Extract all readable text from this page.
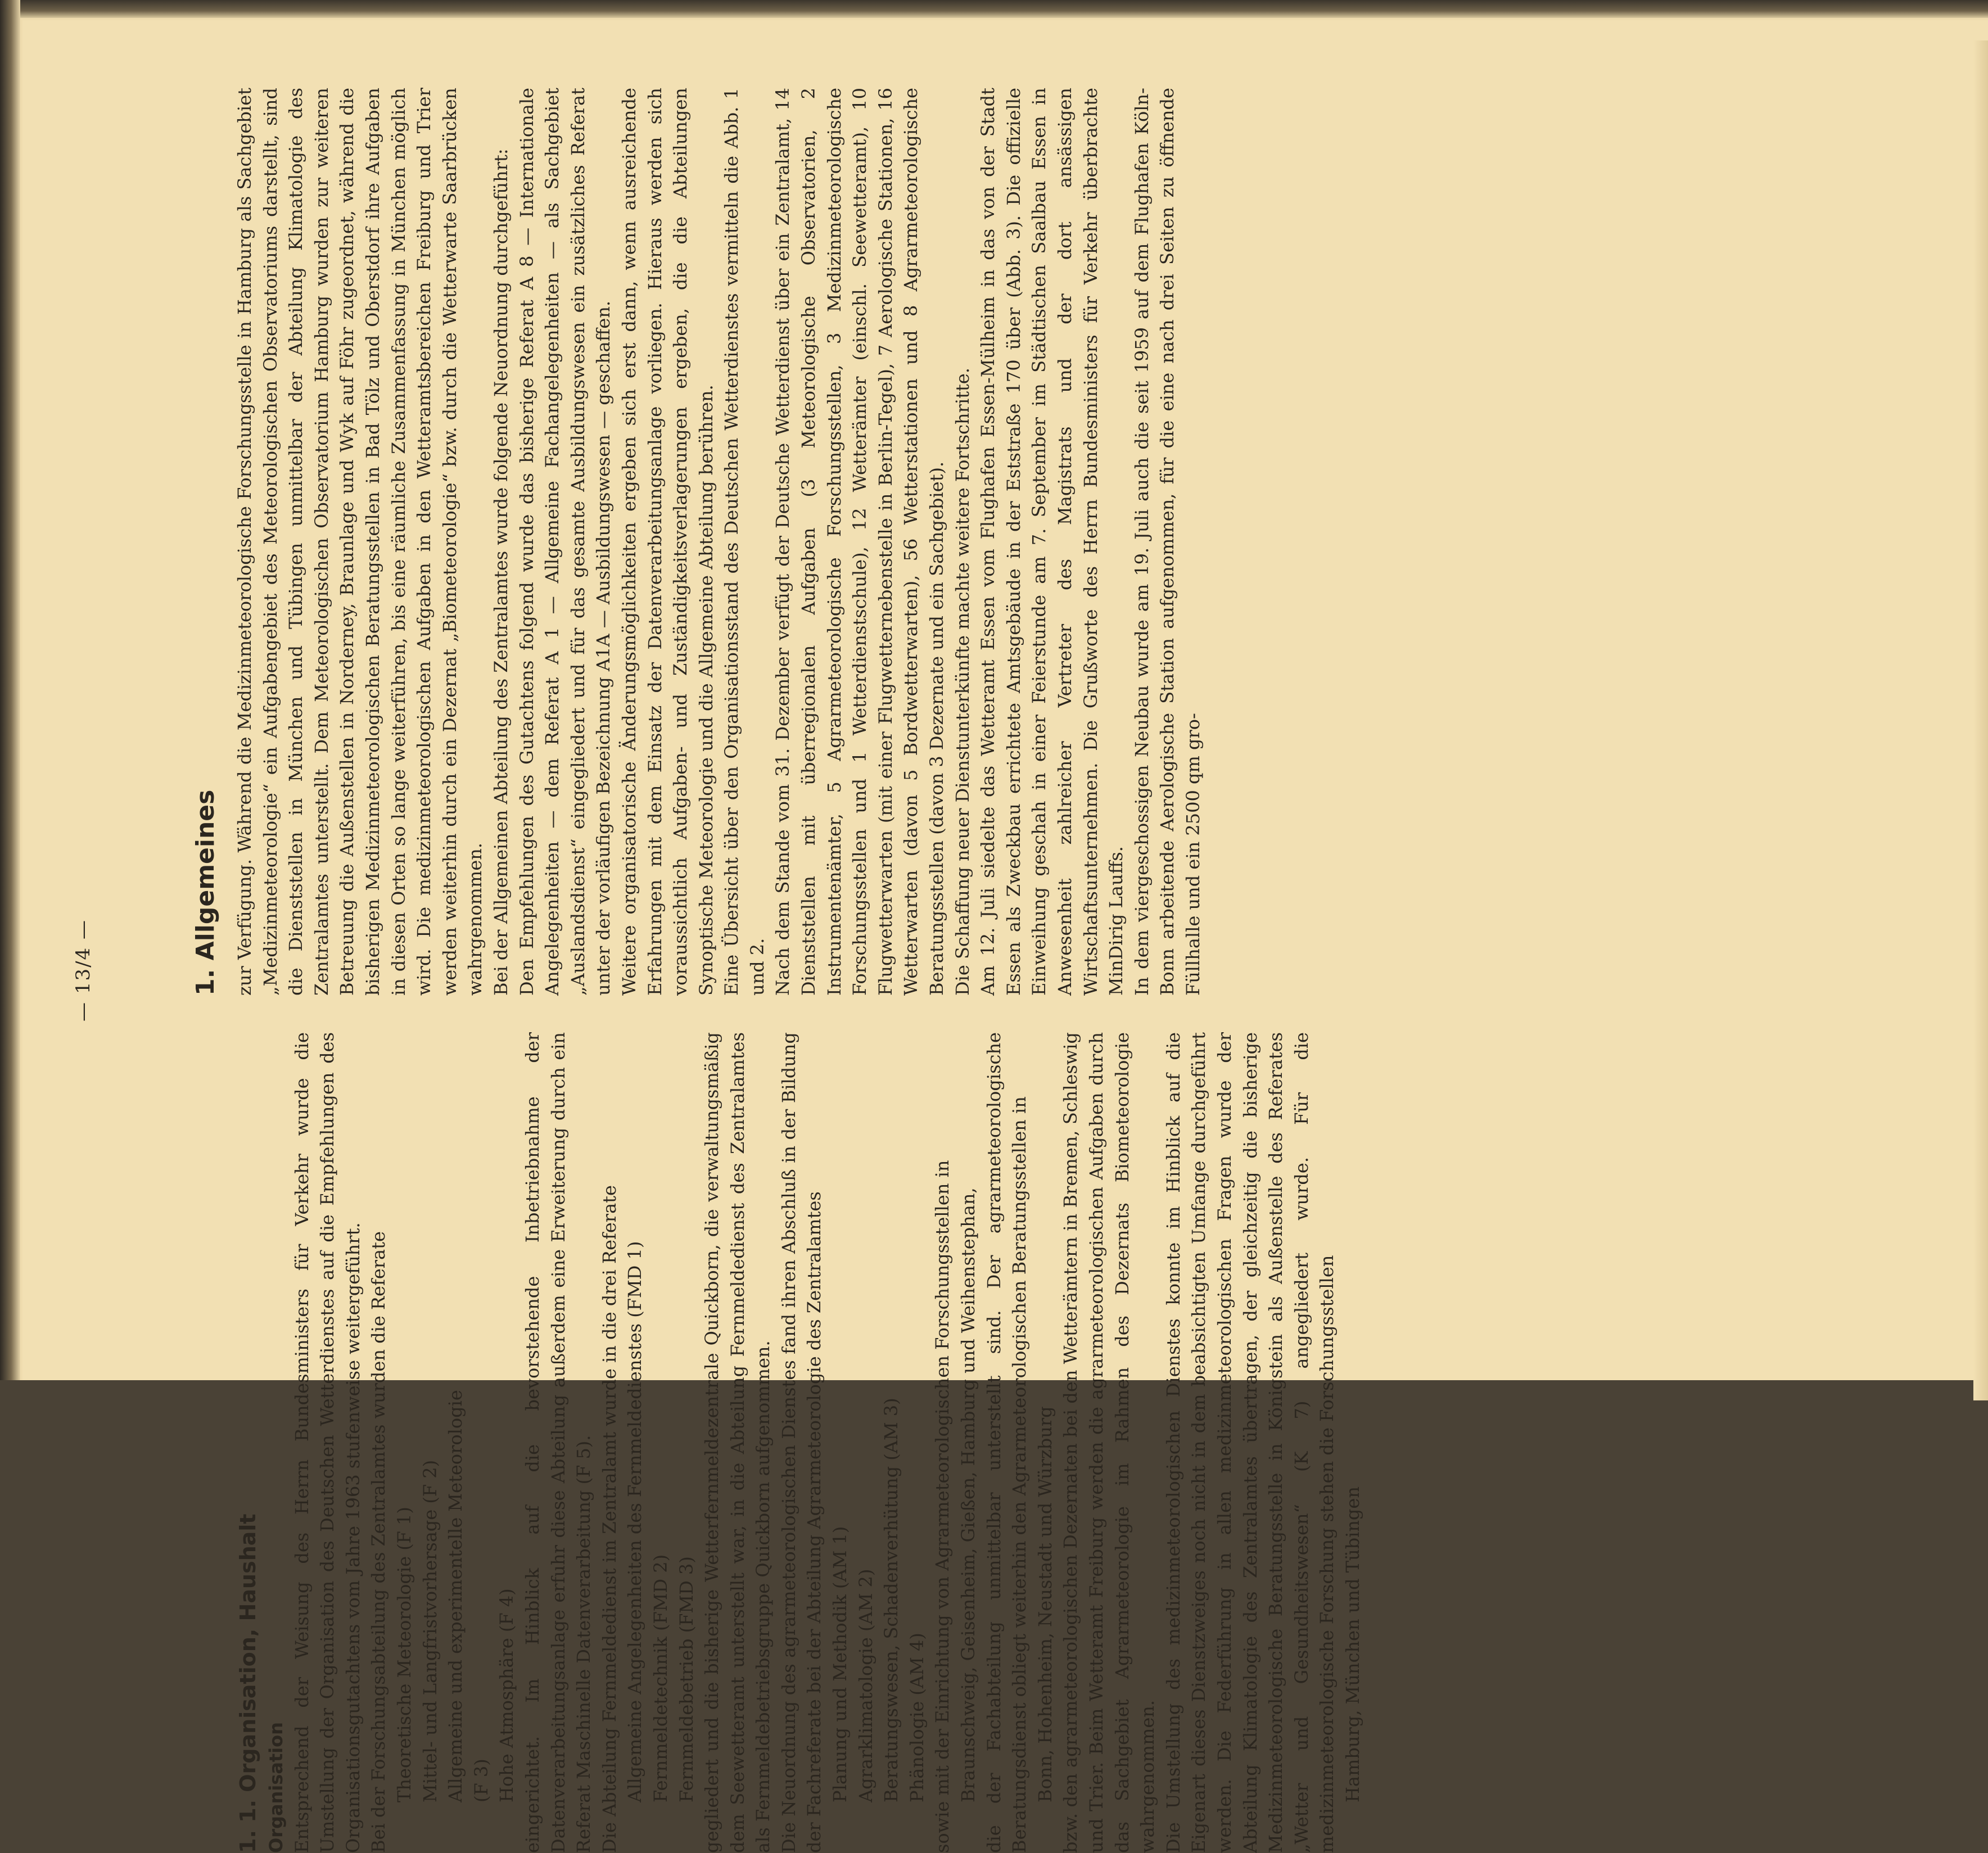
— 13/4 —	1. Allgemeines

1. 1. Organisation, Haushalt Organisation Entsprechend der Weisung des Herrn Bundesministers für Verkehr wurde die Umstellung der Organisation des Deutschen Wetterdienstes auf die Empfehlungen des Organisationsgutachtens vom Jahre 1963 stufenweise weitergeführt. Bei der Forschungsabteilung des Zentralamtes wurden die Referate Theoretische Meteorologie (F 1) Mittel- und Langfristvorhersage (F 2) Allgemeine und experimentelle Meteorologie (F 3) Hohe Atmosphäre (F 4) eingerichtet. Im Hinblick auf die bevorstehende Inbetriebnahme der Datenverarbeitungsanlage erfuhr diese Abteilung außerdem eine Erweiterung durch ein Referat Maschinelle Datenverarbeitung (F 5). Die Abteilung Fernmeldedienst im Zentralamt wurde in die drei Referate Allgemeine Angelegenheiten des Fernmeldedienstes (FMD 1) Fernmeldetechnik (FMD 2) Fernmeldebetrieb (FMD 3) gegliedert und die bisherige Wetterfernmeldezentrale Quickborn, die verwaltungsmäßig dem Seewetteramt unterstellt war, in die Abteilung Fernmeldedienst des Zentralamtes als Fernmeldebetriebsgruppe Quickborn aufgenommen. Die Neuordnung des agrarmeteorologischen Dienstes fand ihren Abschluß in der Bildung der Fachreferate bei der Abteilung Agrarmeteorologie des Zentralamtes Planung und Methodik (AM 1) Agrarklimatologie (AM 2) Beratungswesen, Schadenverhütung (AM 3) Phänologie (AM 4) sowie mit der Einrichtung von Agrarmeteorologischen Forschungsstellen in Braunschweig, Geisenheim, Gießen, Hamburg und Weihenstephan, die der Fachabteilung unmittelbar unterstellt sind. Der agrarmeteorologische Beratungsdienst obliegt weiterhin den Agrarmeteorologischen Beratungsstellen in Bonn, Hohenheim, Neustadt und Würzburg bzw. den agrarmeteorologischen Dezernaten bei den Wetterämtern in Bremen, Schleswig und Trier. Beim Wetteramt Freiburg werden die agrarmeteorologischen Aufgaben durch das Sachgebiet Agrarmeteorologie im Rahmen des Dezernats Biometeorologie wahrgenommen. Die Umstellung des medizinmeteorologischen Dienstes konnte im Hinblick auf die Eigenart dieses Dienstzweiges noch nicht in dem beabsichtigten Umfange durchgeführt werden. Die Federführung in allen medizinmeteorologischen Fragen wurde der Abteilung Klimatologie des Zentralamtes übertragen, der gleichzeitig die bisherige Medizinmeteorologische Beratungsstelle in Königstein als Außenstelle des Referates „Wetter und Gesundheitswesen“ (K 7) angegliedert wurde. Für die medizinmeteorologische Forschung stehen die Forschungsstellen Hamburg, München und Tübingen

zur Verfügung. Während die Medizinmeteorologische Forschungsstelle in Hamburg als Sachgebiet „Medizinmeteorologie“ ein Aufgabengebiet des Meteorologischen Observatoriums darstellt, sind die Dienststellen in München und Tübingen unmittelbar der Abteilung Klimatologie des Zentralamtes unterstellt. Dem Meteorologischen Observatorium Hamburg wurden zur weiteren Betreuung die Außenstellen in Norderney, Braunlage und Wyk auf Föhr zugeordnet, während die bisherigen Medizinmeteorologischen Beratungsstellen in Bad Tölz und Oberstdorf ihre Aufgaben in diesen Orten so lange weiterführen, bis eine räumliche Zusammenfassung in München möglich wird. Die medizinmeteorologischen Aufgaben in den Wetteramtsbereichen Freiburg und Trier werden weiterhin durch ein Dezernat „Biometeorologie“ bzw. durch die Wetterwarte Saarbrücken wahrgenommen. Bei der Allgemeinen Abteilung des Zentralamtes wurde folgende Neuordnung durchgeführt: Den Empfehlungen des Gutachtens folgend wurde das bisherige Referat A 8 — Internationale Angelegenheiten — dem Referat A 1 — Allgemeine Fachangelegenheiten — als Sachgebiet „Auslandsdienst“ eingegliedert und für das gesamte Ausbildungswesen ein zusätzliches Referat unter der vorläufigen Bezeichnung A1A — Ausbildungswesen — geschaffen. Weitere organisatorische Änderungsmöglichkeiten ergeben sich erst dann, wenn ausreichende Erfahrungen mit dem Einsatz der Datenverarbeitungsanlage vorliegen. Hieraus werden sich voraussichtlich Aufgaben- und Zuständigkeitsverlagerungen ergeben, die die Abteilungen Synoptische Meteorologie und die Allgemeine Abteilung berühren. Eine Übersicht über den Organisationsstand des Deutschen Wetterdienstes vermitteln die Abb. 1 und 2. Nach dem Stande vom 31. Dezember verfügt der Deutsche Wetterdienst über ein Zentralamt, 14 Dienststellen mit überregionalen Aufgaben (3 Meteorologische Observatorien, 2 Instrumentenämter, 5 Agrarmeteorologische Forschungsstellen, 3 Medizinmeteorologische Forschungsstellen und 1 Wetterdienstschule), 12 Wetterämter (einschl. Seewetteramt), 10 Flugwetterwarten (mit einer Flugwetternebenstelle in Berlin-Tegel), 7 Aerologische Stationen, 16 Wetterwarten (davon 5 Bordwetterwarten), 56 Wetterstationen und 8 Agrarmeteorologische Beratungsstellen (davon 3 Dezernate und ein Sachgebiet). Die Schaffung neuer Dienstunterkünfte machte weitere Fortschritte. Am 12. Juli siedelte das Wetteramt Essen vom Flughafen Essen-Mülheim in das von der Stadt Essen als Zweckbau errichtete Amtsgebäude in der Eststraße 170 über (Abb. 3). Die offizielle Einweihung geschah in einer Feierstunde am 7. September im Städtischen Saalbau Essen in Anwesenheit zahlreicher Vertreter des Magistrats und der dort ansässigen Wirtschaftsunternehmen. Die Grußworte des Herrn Bundesministers für Verkehr überbrachte MinDirig Lauffs. In dem viergeschossigen Neubau wurde am 19. Juli auch die seit 1959 auf dem Flughafen Köln-Bonn arbeitende Aerologische Station aufgenommen, für die eine nach drei Seiten zu öffnende Füllhalle und ein 2500 qm gro-
